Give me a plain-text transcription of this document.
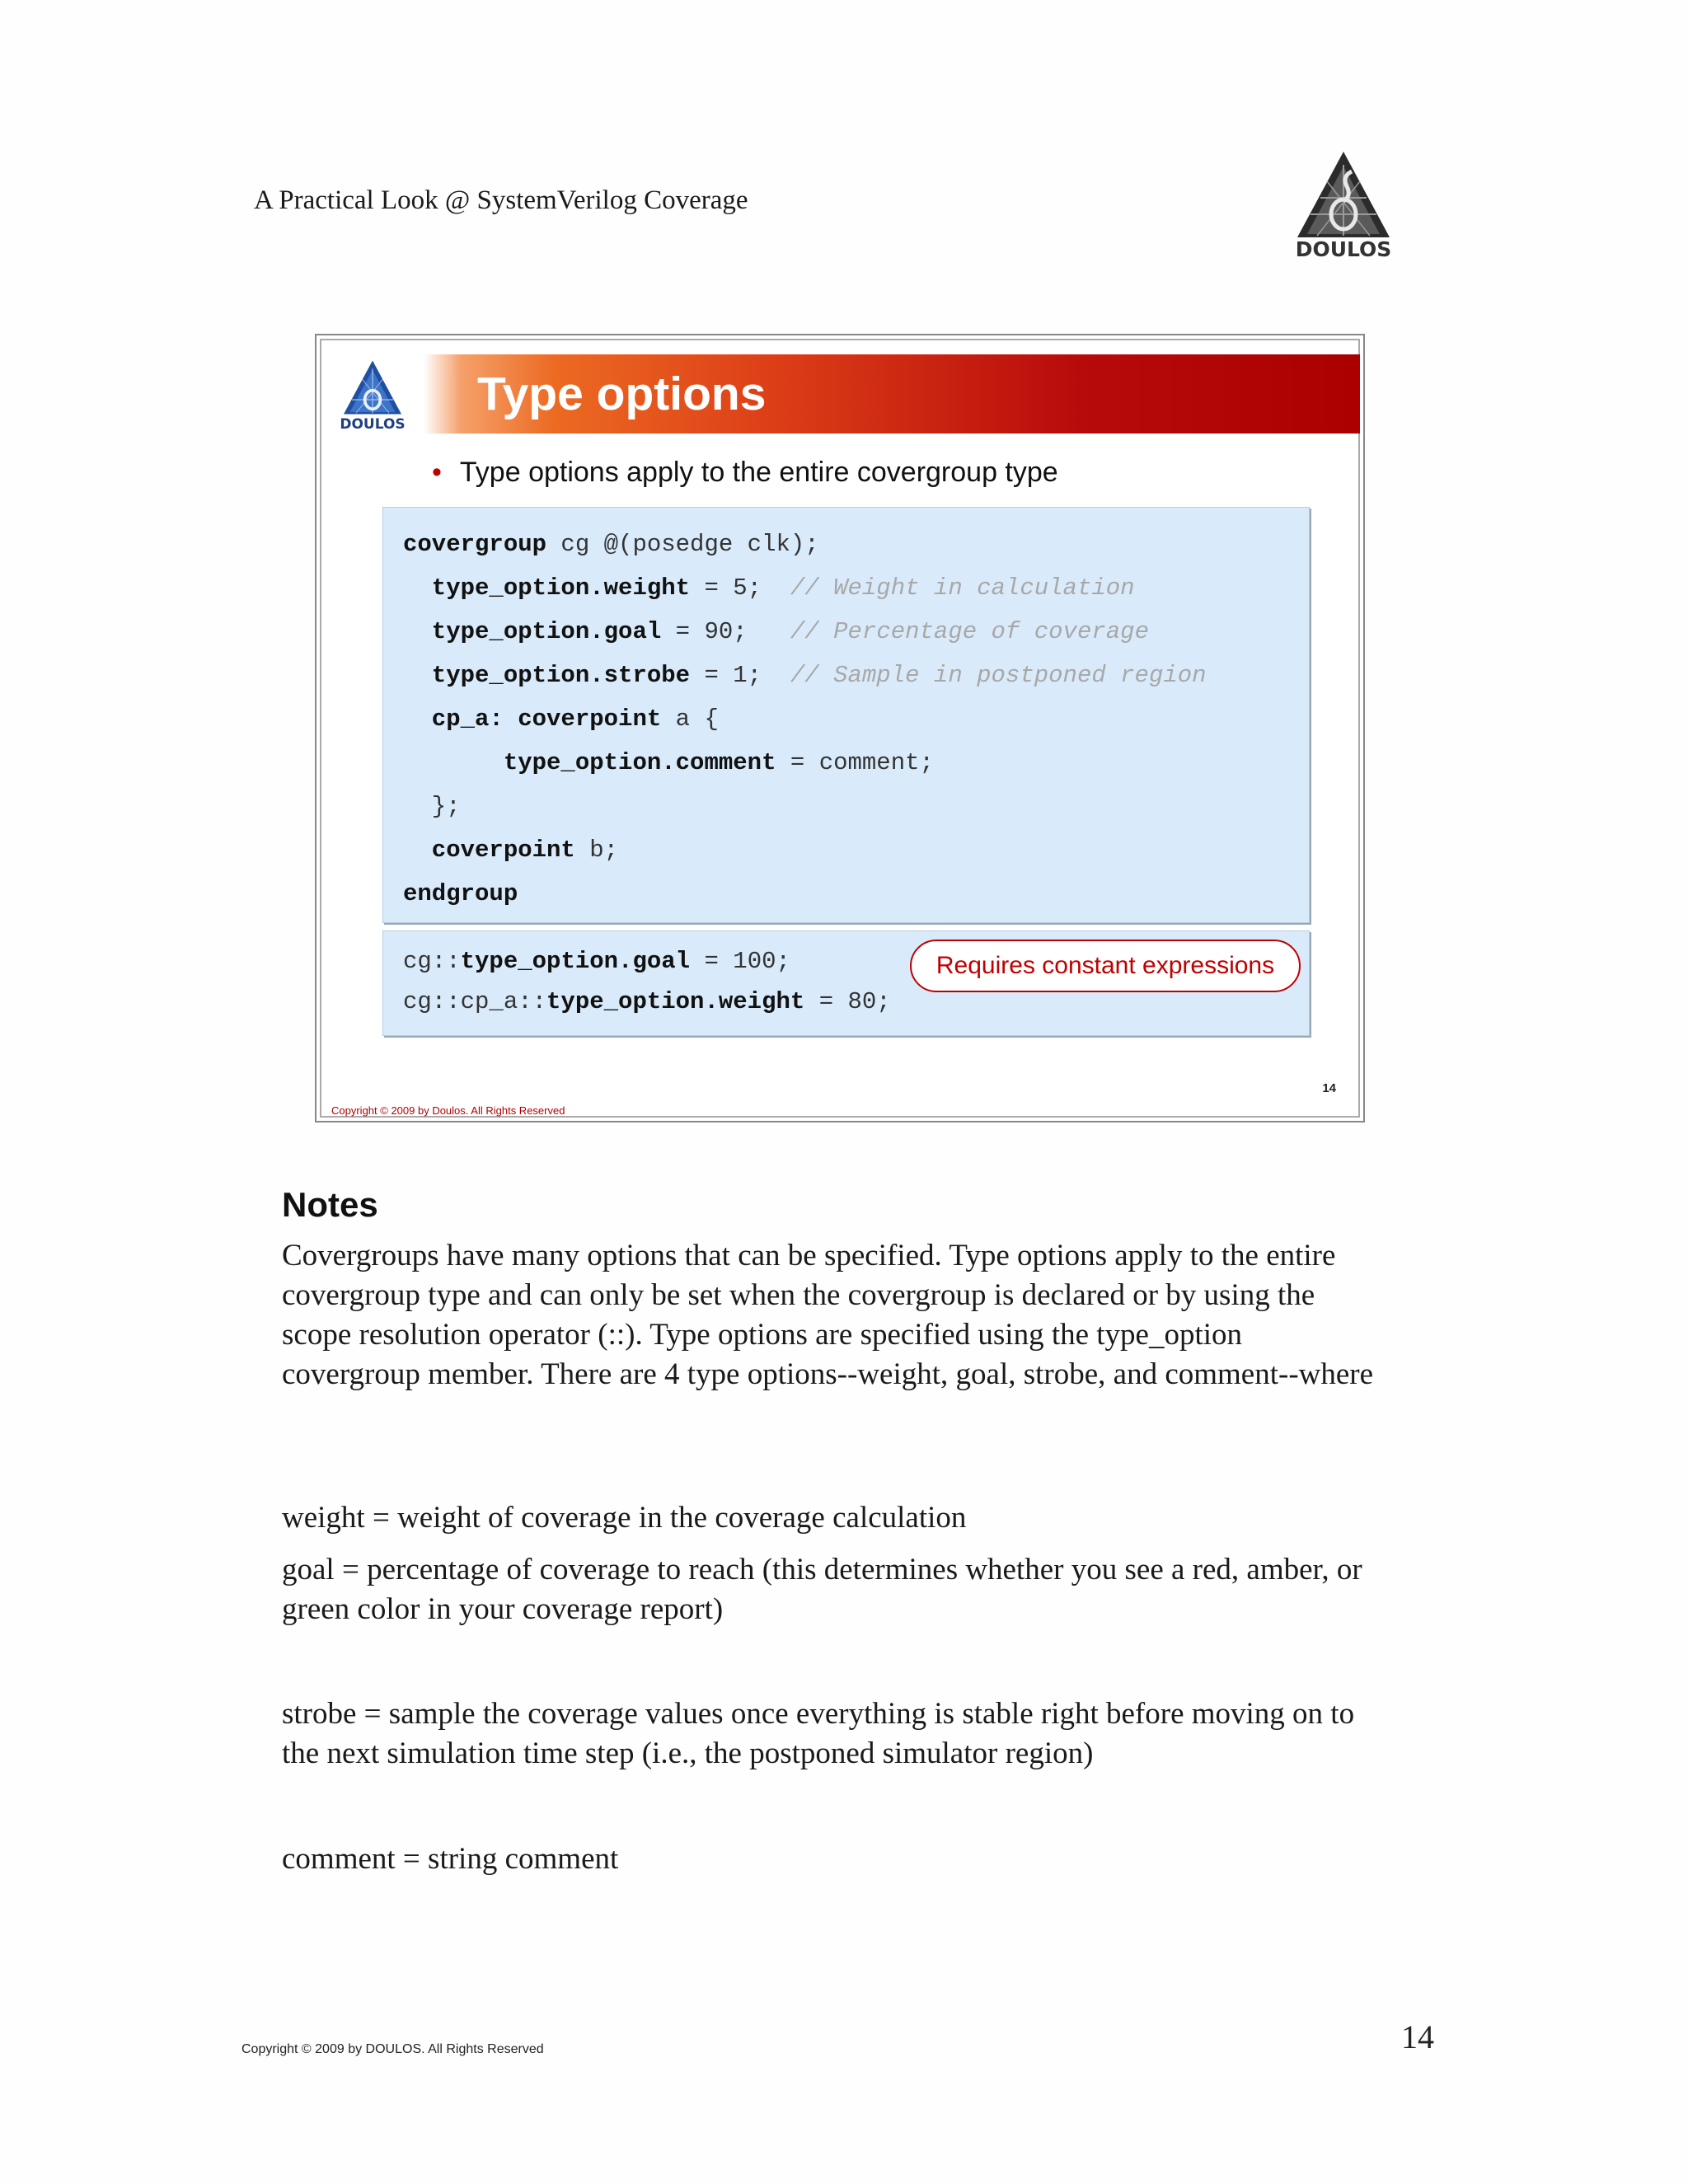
A Practical Look @ SystemVerilog Coverage
DOULOS
DOULOS
Type options
• Type options apply to the entire covergroup type
covergroup cg @(posedge clk);
type_option.weight = 5;  // Weight in calculation
type_option.goal = 90;   // Percentage of coverage
type_option.strobe = 1;  // Sample in postponed region
cp_a: coverpoint a {
type_option.comment = comment;
};
coverpoint b;
endgroup
cg::type_option.goal = 100;
cg::cp_a::type_option.weight = 80;
14
Copyright © 2009 by Doulos. All Rights Reserved
Requires constant expressions
Notes
Covergroups have many options that can be specified. Type options apply to the entire covergroup type and can only be set when the covergroup is declared or by using the scope resolution operator (::). Type options are specified using the type_option covergroup member. There are 4 type options--weight, goal, strobe, and comment--where
weight = weight of coverage in the coverage calculation
goal = percentage of coverage to reach (this determines whether you see a red, amber, or green color in your coverage report)
strobe = sample the coverage values once everything is stable right before moving on to the next simulation time step (i.e., the postponed simulator region)
comment = string comment
Copyright © 2009 by DOULOS. All Rights Reserved	14
